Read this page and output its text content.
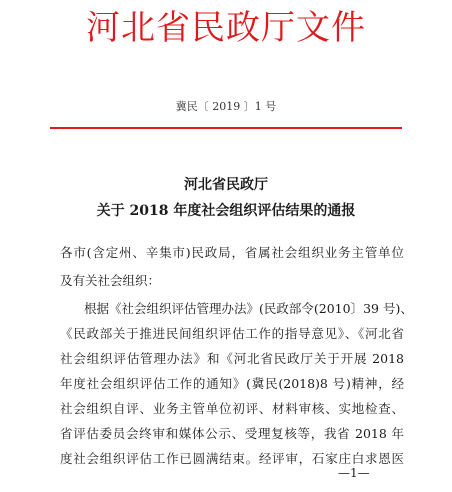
河北省民政厅文件
冀民〔 2019 〕1 号
河北省民政厅
关于 2018 年度社会组织评估结果的通报
各市(含定州、辛集市)民政局，省属社会组织业务主管单位
及有关社会组织：
根据《社会组织评估管理办法》(民政部令(2010〕39 号)、
《民政部关于推进民间组织评估工作的指导意见》、《河北省
社会组织评估管理办法》和《河北省民政厅关于开展 2018
年度社会组织评估工作的通知》(冀民(2018)8 号)精神，经
社会组织自评、业务主管单位初评、材料审核、实地检查、
省评估委员会终审和媒体公示、受理复核等，我省 2018 年
度社会组织评估工作已圆满结束。经评审，石家庄白求恩医
—1—
